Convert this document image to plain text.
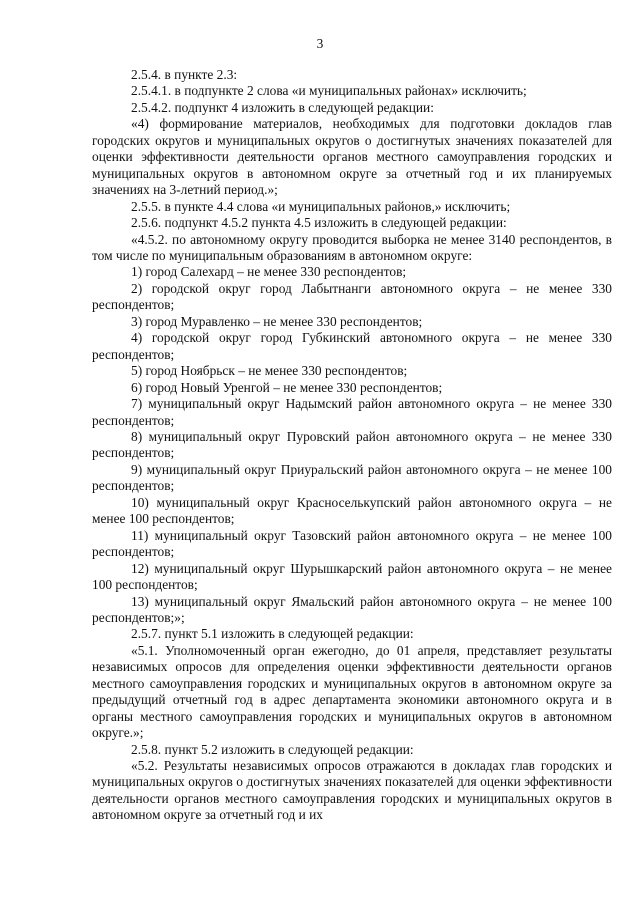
3

2.5.4. в пункте 2.3:

2.5.4.1. в подпункте 2 слова «и муниципальных районах» исключить;

2.5.4.2. подпункт 4 изложить в следующей редакции:

«4) формирование материалов, необходимых для подготовки докладов глав городских округов и муниципальных округов о достигнутых значениях показателей для оценки эффективности деятельности органов местного самоуправления городских и муниципальных округов в автономном округе за отчетный год и их планируемых значениях на 3-летний период.»;

2.5.5. в пункте 4.4 слова «и муниципальных районов,» исключить;

2.5.6. подпункт 4.5.2 пункта 4.5 изложить в следующей редакции:

«4.5.2. по автономному округу проводится выборка не менее 3140 респондентов, в том числе по муниципальным образованиям в автономном округе:

1) город Салехард – не менее 330 респондентов;

2) городской округ город Лабытнанги автономного округа – не менее 330 респондентов;

3) город Муравленко – не менее 330 респондентов;

4) городской округ город Губкинский автономного округа – не менее 330 респондентов;

5) город Ноябрьск – не менее 330 респондентов;

6) город Новый Уренгой – не менее 330 респондентов;

7) муниципальный округ Надымский район автономного округа – не менее 330 респондентов;

8) муниципальный округ Пуровский район автономного округа – не менее 330 респондентов;

9) муниципальный округ Приуральский район автономного округа – не менее 100 респондентов;

10) муниципальный округ Красноселькупский район автономного округа – не менее 100 респондентов;

11) муниципальный округ Тазовский район автономного округа – не менее 100 респондентов;

12) муниципальный округ Шурышкарский район автономного округа – не менее 100 респондентов;

13) муниципальный округ Ямальский район автономного округа – не менее 100 респондентов;»;

2.5.7. пункт 5.1 изложить в следующей редакции:

«5.1. Уполномоченный орган ежегодно, до 01 апреля, представляет результаты независимых опросов для определения оценки эффективности деятельности органов местного самоуправления городских и муниципальных округов в автономном округе за предыдущий отчетный год в адрес департамента экономики автономного округа и в органы местного самоуправления городских и муниципальных округов в автономном округе.»;

2.5.8. пункт 5.2 изложить в следующей редакции:

«5.2. Результаты независимых опросов отражаются в докладах глав городских и муниципальных округов о достигнутых значениях показателей для оценки эффективности деятельности органов местного самоуправления городских и муниципальных округов в автономном округе за отчетный год и их
